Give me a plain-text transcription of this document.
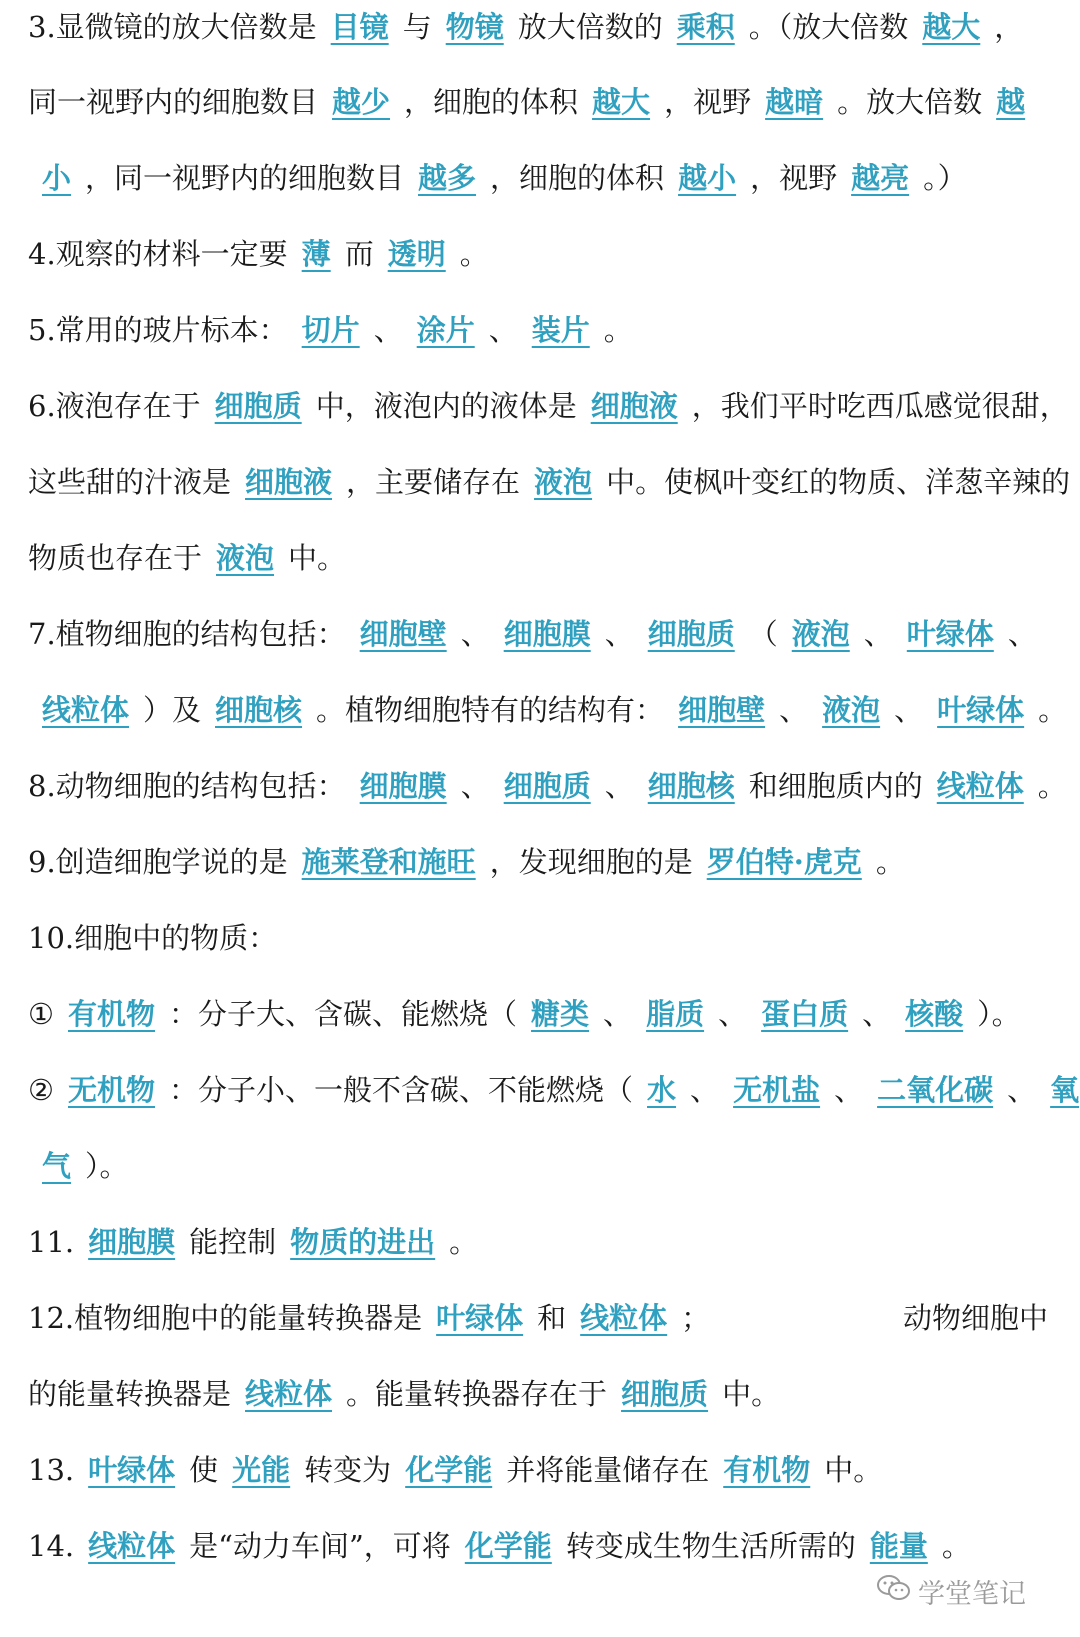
3.显微镜的放大倍数是 目镜 与 物镜 放大倍数的 乘积 。（放大倍数 越大 ，
同一视野内的细胞数目 越少 ，细胞的体积 越大 ，视野 越暗 。放大倍数 越
小 ，同一视野内的细胞数目 越多 ，细胞的体积 越小 ，视野 越亮 。）
4.观察的材料一定要 薄 而 透明 。
5.常用的玻片标本： 切片 、 涂片 、 装片 。
6.液泡存在于 细胞质 中，液泡内的液体是 细胞液 ，我们平时吃西瓜感觉很甜，
这些甜的汁液是 细胞液 ，主要储存在 液泡 中。使枫叶变红的物质、洋葱辛辣的
物质也存在于 液泡 中。
7.植物细胞的结构包括： 细胞壁 、 细胞膜 、 细胞质 （ 液泡 、 叶绿体 、
线粒体 ）及 细胞核 。植物细胞特有的结构有： 细胞壁 、 液泡 、 叶绿体 。
8.动物细胞的结构包括： 细胞膜 、 细胞质 、 细胞核 和细胞质内的 线粒体 。
9.创造细胞学说的是 施莱登和施旺 ，发现细胞的是 罗伯特·虎克 。
10.细胞中的物质：
① 有机物 ：分子大、含碳、能燃烧（ 糖类 、 脂质 、 蛋白质 、 核酸 ）。
② 无机物 ：分子小、一般不含碳、不能燃烧（ 水 、 无机盐 、 二氧化碳 、 氧
气 ）。
11. 细胞膜 能控制 物质的进出 。
12.植物细胞中的能量转换器是 叶绿体 和 线粒体 ；	动物细胞中
的能量转换器是 线粒体 。能量转换器存在于 细胞质 中。
13. 叶绿体 使 光能 转变为 化学能 并将能量储存在 有机物 中。
14. 线粒体 是“动力车间”，可将 化学能 转变成生物生活所需的 能量 。
学堂笔记
